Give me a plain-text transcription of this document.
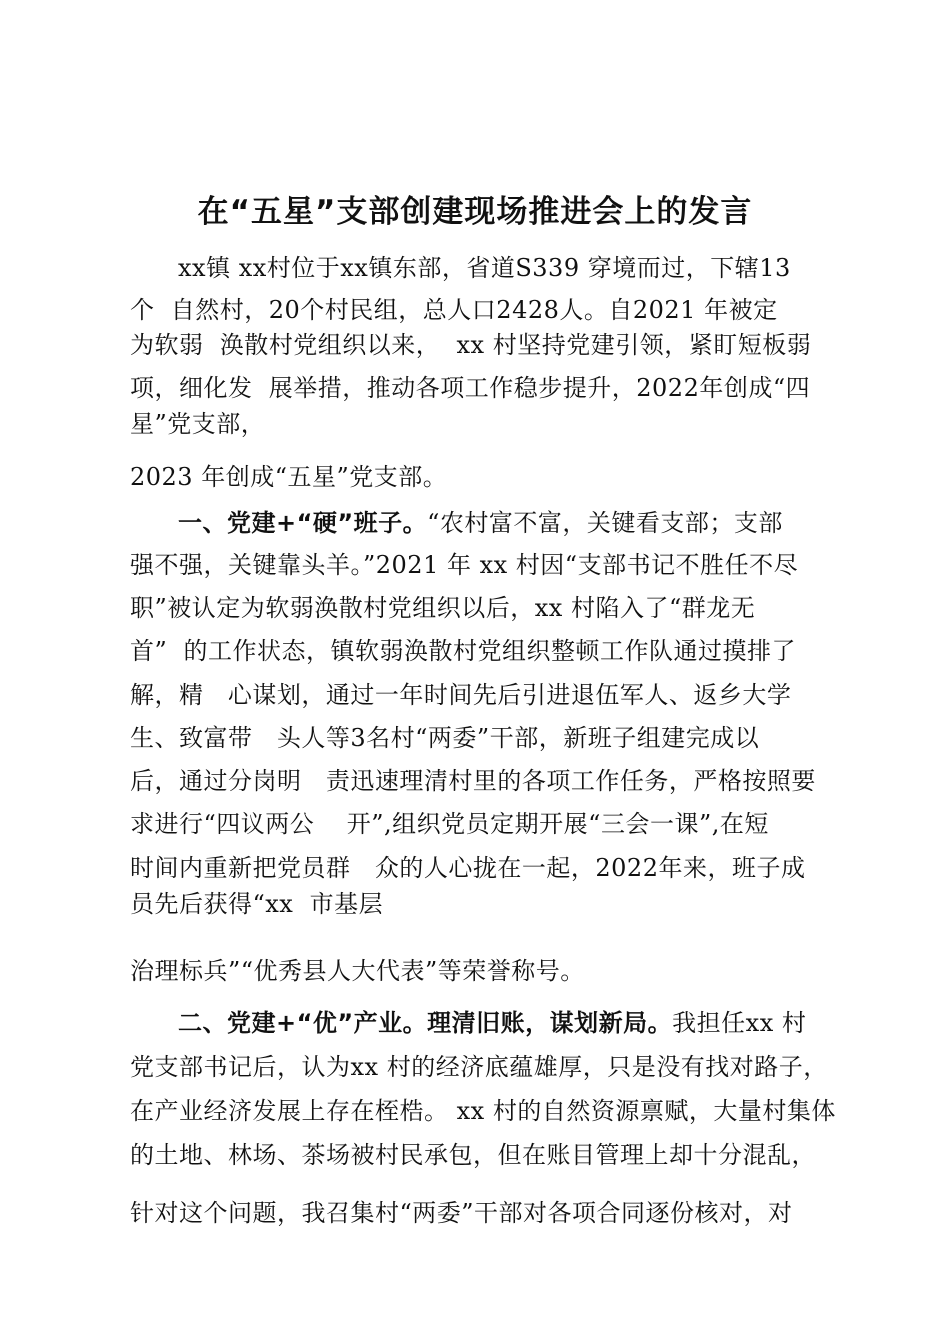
在“五星”支部创建现场推进会上的发言
xx镇 xx村位于xx镇东部，省道S339 穿境而过，下辖13
个  自然村，20个村民组，总人口2428人。自2021 年被定
为软弱  涣散村党组织以来，  xx 村坚持党建引领，紧盯短板弱
项，细化发  展举措，推动各项工作稳步提升，2022年创成“四
星”党支部，
2023 年创成“五星”党支部。
一、党建+“硬”班子。“农村富不富，关键看支部；支部
强不强，关键靠头羊。”2021 年 xx 村因“支部书记不胜任不尽
职”被认定为软弱涣散村党组织以后，xx 村陷入了“群龙无
首”  的工作状态，镇软弱涣散村党组织整顿工作队通过摸排了
解，精   心谋划，通过一年时间先后引进退伍军人、返乡大学
生、致富带   头人等3名村“两委”干部，新班子组建完成以
后，通过分岗明   责迅速理清村里的各项工作任务，严格按照要
求进行“四议两公    开”,组织党员定期开展“三会一课”,在短
时间内重新把党员群   众的人心拢在一起，2022年来，班子成
员先后获得“xx  市基层
治理标兵”“优秀县人大代表”等荣誉称号。
二、党建+“优”产业。理清旧账，谋划新局。我担任xx 村
党支部书记后，认为xx 村的经济底蕴雄厚，只是没有找对路子，
在产业经济发展上存在桎梏。 xx 村的自然资源禀赋，大量村集体
的土地、林场、茶场被村民承包，但在账目管理上却十分混乱，
针对这个问题，我召集村“两委”干部对各项合同逐份核对，对
